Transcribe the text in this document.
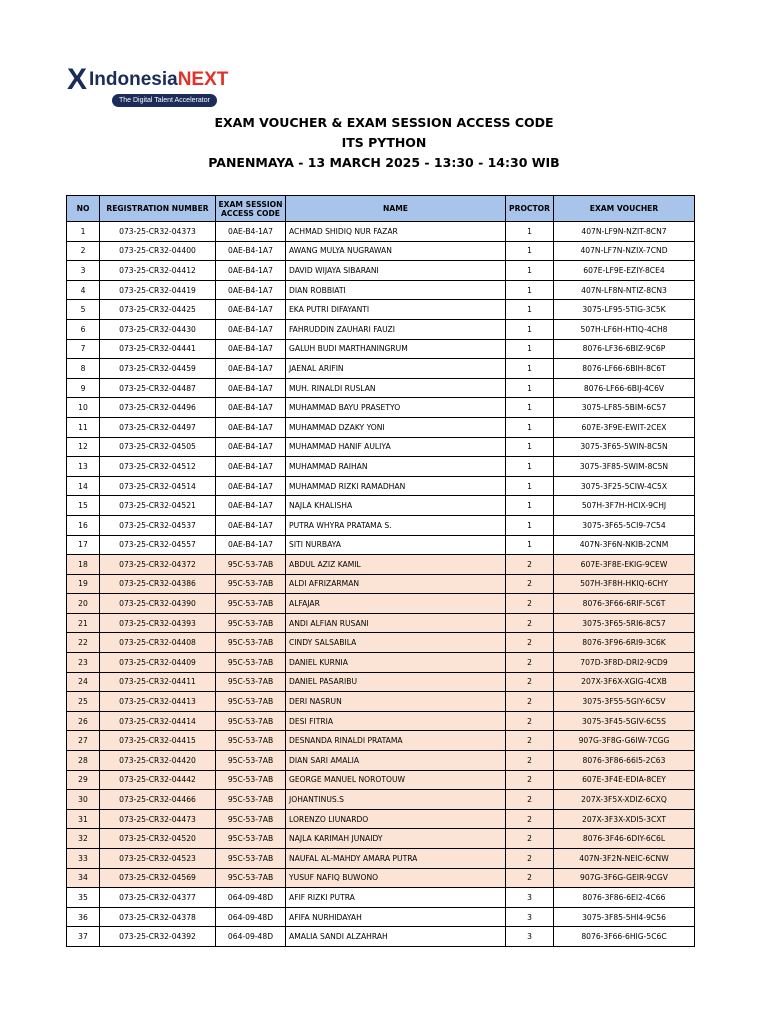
X IndonesiaNEXT
The Digital Talent Accelerator
EXAM VOUCHER & EXAM SESSION ACCESS CODE
ITS PYTHON
PANENMAYA - 13 MARCH 2025 - 13:30 - 14:30 WIB
NO	REGISTRATION NUMBER	EXAM SESSION
ACCESS CODE	NAME	PROCTOR	EXAM VOUCHER
1	073-25-CR32-04373	0AE-B4-1A7	ACHMAD SHIDIQ NUR FAZAR	1	407N-LF9N-NZIT-8CN7
2	073-25-CR32-04400	0AE-B4-1A7	AWANG MULYA NUGRAWAN	1	407N-LF7N-NZIX-7CND
3	073-25-CR32-04412	0AE-B4-1A7	DAVID WIJAYA SIBARANI	1	607E-LF9E-EZIY-8CE4
4	073-25-CR32-04419	0AE-B4-1A7	DIAN ROBBIATI	1	407N-LF8N-NTIZ-8CN3
5	073-25-CR32-04425	0AE-B4-1A7	EKA PUTRI DIFAYANTI	1	3075-LF95-5TIG-3C5K
6	073-25-CR32-04430	0AE-B4-1A7	FAHRUDDIN ZAUHARI FAUZI	1	507H-LF6H-HTIQ-4CH8
7	073-25-CR32-04441	0AE-B4-1A7	GALUH BUDI MARTHANINGRUM	1	8076-LF36-6BIZ-9C6P
8	073-25-CR32-04459	0AE-B4-1A7	JAENAL ARIFIN	1	8076-LF66-6BIH-8C6T
9	073-25-CR32-04487	0AE-B4-1A7	MUH. RINALDI RUSLAN	1	8076-LF66-6BIJ-4C6V
10	073-25-CR32-04496	0AE-B4-1A7	MUHAMMAD BAYU PRASETYO	1	3075-LF85-5BIM-6C57
11	073-25-CR32-04497	0AE-B4-1A7	MUHAMMAD DZAKY YONI	1	607E-3F9E-EWIT-2CEX
12	073-25-CR32-04505	0AE-B4-1A7	MUHAMMAD HANIF AULIYA	1	3075-3F65-5WIN-8C5N
13	073-25-CR32-04512	0AE-B4-1A7	MUHAMMAD RAIHAN	1	3075-3F85-5WIM-8C5N
14	073-25-CR32-04514	0AE-B4-1A7	MUHAMMAD RIZKI RAMADHAN	1	3075-3F25-5CIW-4C5X
15	073-25-CR32-04521	0AE-B4-1A7	NAJLA KHALISHA	1	507H-3F7H-HCIX-9CHJ
16	073-25-CR32-04537	0AE-B4-1A7	PUTRA WHYRA PRATAMA S.	1	3075-3F65-5CI9-7C54
17	073-25-CR32-04557	0AE-B4-1A7	SITI NURBAYA	1	407N-3F6N-NKIB-2CNM
18	073-25-CR32-04372	95C-53-7AB	ABDUL AZIZ KAMIL	2	607E-3F8E-EKIG-9CEW
19	073-25-CR32-04386	95C-53-7AB	ALDI AFRIZARMAN	2	507H-3F8H-HKIQ-6CHY
20	073-25-CR32-04390	95C-53-7AB	ALFAJAR	2	8076-3F66-6RIF-5C6T
21	073-25-CR32-04393	95C-53-7AB	ANDI ALFIAN RUSANI	2	3075-3F65-5RI6-8C57
22	073-25-CR32-04408	95C-53-7AB	CINDY SALSABILA	2	8076-3F96-6RI9-3C6K
23	073-25-CR32-04409	95C-53-7AB	DANIEL KURNIA	2	707D-3F8D-DRI2-9CD9
24	073-25-CR32-04411	95C-53-7AB	DANIEL PASARIBU	2	207X-3F6X-XGIG-4CXB
25	073-25-CR32-04413	95C-53-7AB	DERI NASRUN	2	3075-3F55-5GIY-6C5V
26	073-25-CR32-04414	95C-53-7AB	DESI FITRIA	2	3075-3F45-5GIV-6C5S
27	073-25-CR32-04415	95C-53-7AB	DESNANDA RINALDI PRATAMA	2	907G-3F8G-G6IW-7CGG
28	073-25-CR32-04420	95C-53-7AB	DIAN SARI AMALIA	2	8076-3F86-66I5-2C63
29	073-25-CR32-04442	95C-53-7AB	GEORGE MANUEL NOROTOUW	2	607E-3F4E-EDIA-8CEY
30	073-25-CR32-04466	95C-53-7AB	JOHANTINUS.S	2	207X-3F5X-XDIZ-6CXQ
31	073-25-CR32-04473	95C-53-7AB	LORENZO LIUNARDO	2	207X-3F3X-XDI5-3CXT
32	073-25-CR32-04520	95C-53-7AB	NAJLA KARIMAH JUNAIDY	2	8076-3F46-6DIY-6C6L
33	073-25-CR32-04523	95C-53-7AB	NAUFAL AL-MAHDY AMARA PUTRA	2	407N-3F2N-NEIC-6CNW
34	073-25-CR32-04569	95C-53-7AB	YUSUF NAFIQ BUWONO	2	907G-3F6G-GEIR-9CGV
35	073-25-CR32-04377	064-09-48D	AFIF RIZKI PUTRA	3	8076-3F86-6EI2-4C66
36	073-25-CR32-04378	064-09-48D	AFIFA NURHIDAYAH	3	3075-3F85-5HI4-9C56
37	073-25-CR32-04392	064-09-48D	AMALIA SANDI ALZAHRAH	3	8076-3F66-6HIG-5C6C
